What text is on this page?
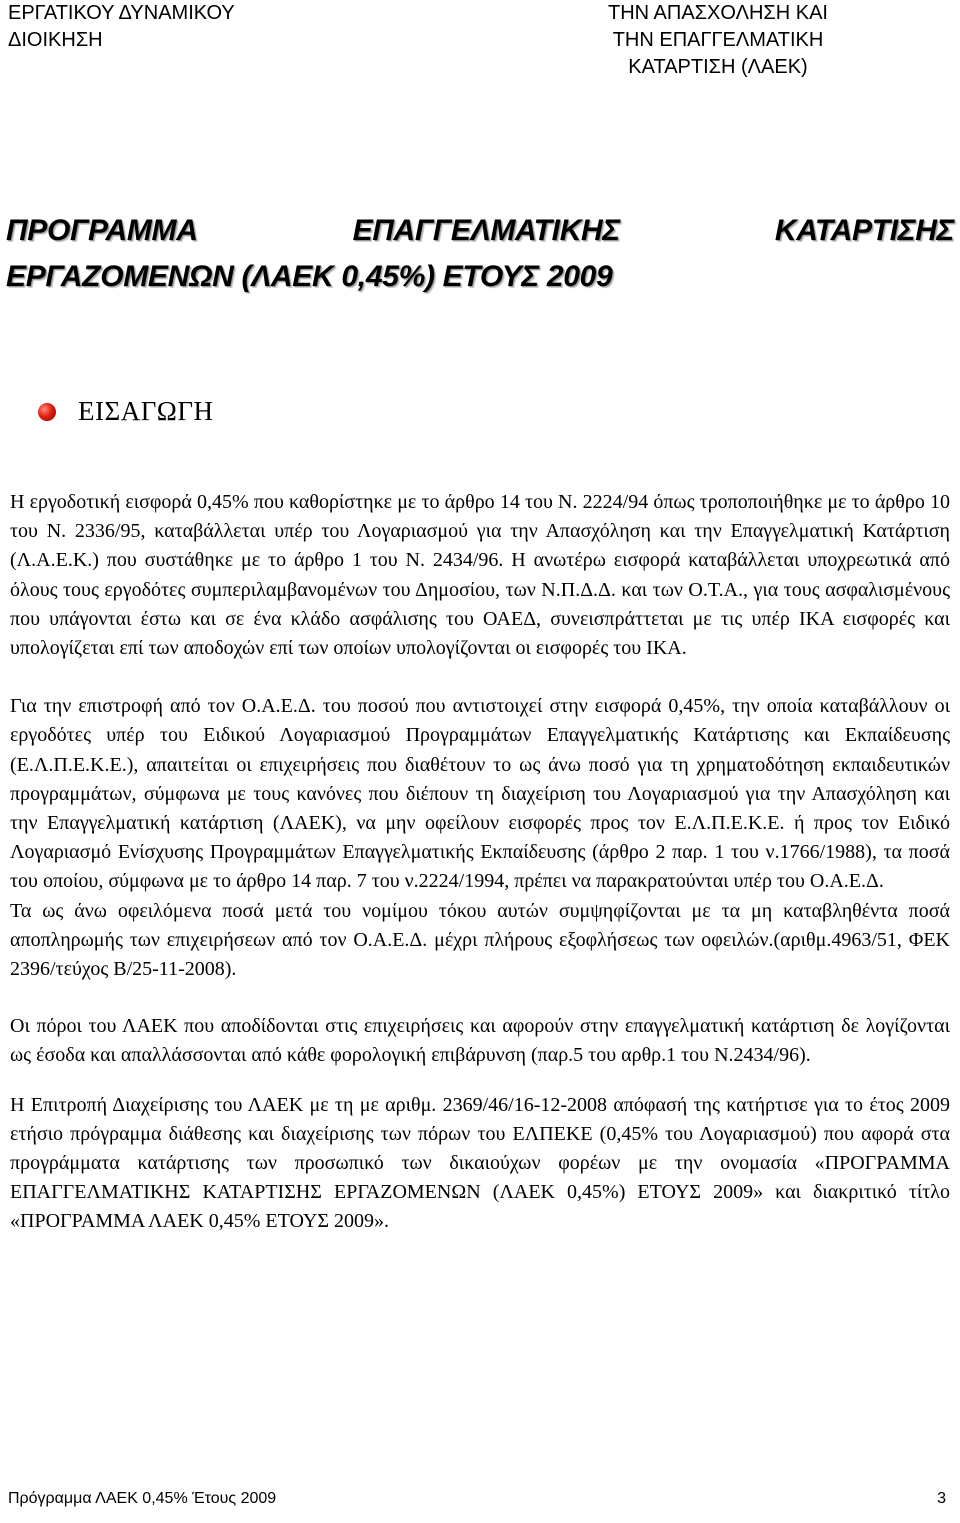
ΕΡΓΑΤΙΚΟΥ ΔΥΝΑΜΙΚΟΥ
ΔΙΟΙΚΗΣΗ
ΤΗΝ ΑΠΑΣΧΟΛΗΣΗ ΚΑΙ
ΤΗΝ ΕΠΑΓΓΕΛΜΑΤΙΚΗ
ΚΑΤΑΡΤΙΣΗ (ΛΑΕΚ)
ΠΡΟΓΡΑΜΜΑ	ΕΠΑΓΓΕΛΜΑΤΙΚΗΣ	ΚΑΤΑΡΤΙΣΗΣ
ΕΡΓΑΖΟΜΕΝΩΝ (ΛΑΕΚ 0,45%) ΕΤΟΥΣ 2009
ΕΙΣΑΓΩΓΗ

Η εργοδοτική εισφορά 0,45% που καθορίστηκε με το άρθρο 14 του Ν. 2224/94 όπως τροποποιήθηκε με το άρθρο 10 του Ν. 2336/95, καταβάλλεται υπέρ του Λογαριασμού για την Απασχόληση και την Επαγγελματική Κατάρτιση (Λ.Α.Ε.Κ.) που συστάθηκε με το άρθρο 1 του Ν. 2434/96. Η ανωτέρω εισφορά καταβάλλεται υποχρεωτικά από όλους τους εργοδότες συμπεριλαμβανομένων του Δημοσίου, των Ν.Π.Δ.Δ. και των Ο.Τ.Α., για τους ασφαλισμένους που υπάγονται έστω και σε ένα κλάδο ασφάλισης του ΟΑΕΔ, συνεισπράττεται με τις υπέρ ΙΚΑ εισφορές και υπολογίζεται επί των αποδοχών επί των οποίων υπολογίζονται οι εισφορές του ΙΚΑ.

Για την επιστροφή από τον Ο.Α.Ε.Δ. του ποσού που αντιστοιχεί στην εισφορά 0,45%, την οποία καταβάλλουν οι εργοδότες υπέρ του Ειδικού Λογαριασμού Προγραμμάτων Επαγγελματικής Κατάρτισης και Εκπαίδευσης (Ε.Λ.Π.Ε.Κ.Ε.), απαιτείται οι επιχειρήσεις που διαθέτουν το ως άνω ποσό για τη χρηματοδότηση εκπαιδευτικών προγραμμάτων, σύμφωνα με τους κανόνες που διέπουν τη διαχείριση του Λογαριασμού για την Απασχόληση και την Επαγγελματική κατάρτιση (ΛΑΕΚ), να μην οφείλουν εισφορές προς τον Ε.Λ.Π.Ε.Κ.Ε. ή προς τον Ειδικό Λογαριασμό Ενίσχυσης Προγραμμάτων Επαγγελματικής Εκπαίδευσης (άρθρο 2 παρ. 1 του ν.1766/1988), τα ποσά του οποίου, σύμφωνα με το άρθρο 14 παρ. 7 του ν.2224/1994, πρέπει να παρακρατούνται υπέρ του Ο.Α.Ε.Δ.

Τα ως άνω οφειλόμενα ποσά μετά του νομίμου τόκου αυτών συμψηφίζονται με τα μη καταβληθέντα ποσά αποπληρωμής των επιχειρήσεων από τον Ο.Α.Ε.Δ. μέχρι πλήρους εξοφλήσεως των οφειλών.(αριθμ.4963/51, ΦΕΚ 2396/τεύχος Β/25-11-2008).

Οι πόροι του ΛΑΕΚ που αποδίδονται στις επιχειρήσεις και αφορούν στην επαγγελματική κατάρτιση δε λογίζονται ως έσοδα και απαλλάσσονται από κάθε φορολογική επιβάρυνση (παρ.5 του αρθρ.1 του Ν.2434/96).

Η Επιτροπή Διαχείρισης του ΛΑΕΚ με τη με αριθμ. 2369/46/16-12-2008 απόφασή της κατήρτισε για το έτος 2009 ετήσιο πρόγραμμα διάθεσης και διαχείρισης των πόρων του ΕΛΠΕΚΕ (0,45% του Λογαριασμού) που αφορά στα προγράμματα κατάρτισης των προσωπικό των δικαιούχων φορέων με την ονομασία «ΠΡΟΓΡΑΜΜΑ ΕΠΑΓΓΕΛΜΑΤΙΚΗΣ ΚΑΤΑΡΤΙΣΗΣ ΕΡΓΑΖΟΜΕΝΩΝ (ΛΑΕΚ 0,45%) ΕΤΟΥΣ 2009» και διακριτικό τίτλο «ΠΡΟΓΡΑΜΜΑ ΛΑΕΚ 0,45% ΕΤΟΥΣ 2009».

Πρόγραμμα ΛΑΕΚ 0,45% Έτους 2009	3
